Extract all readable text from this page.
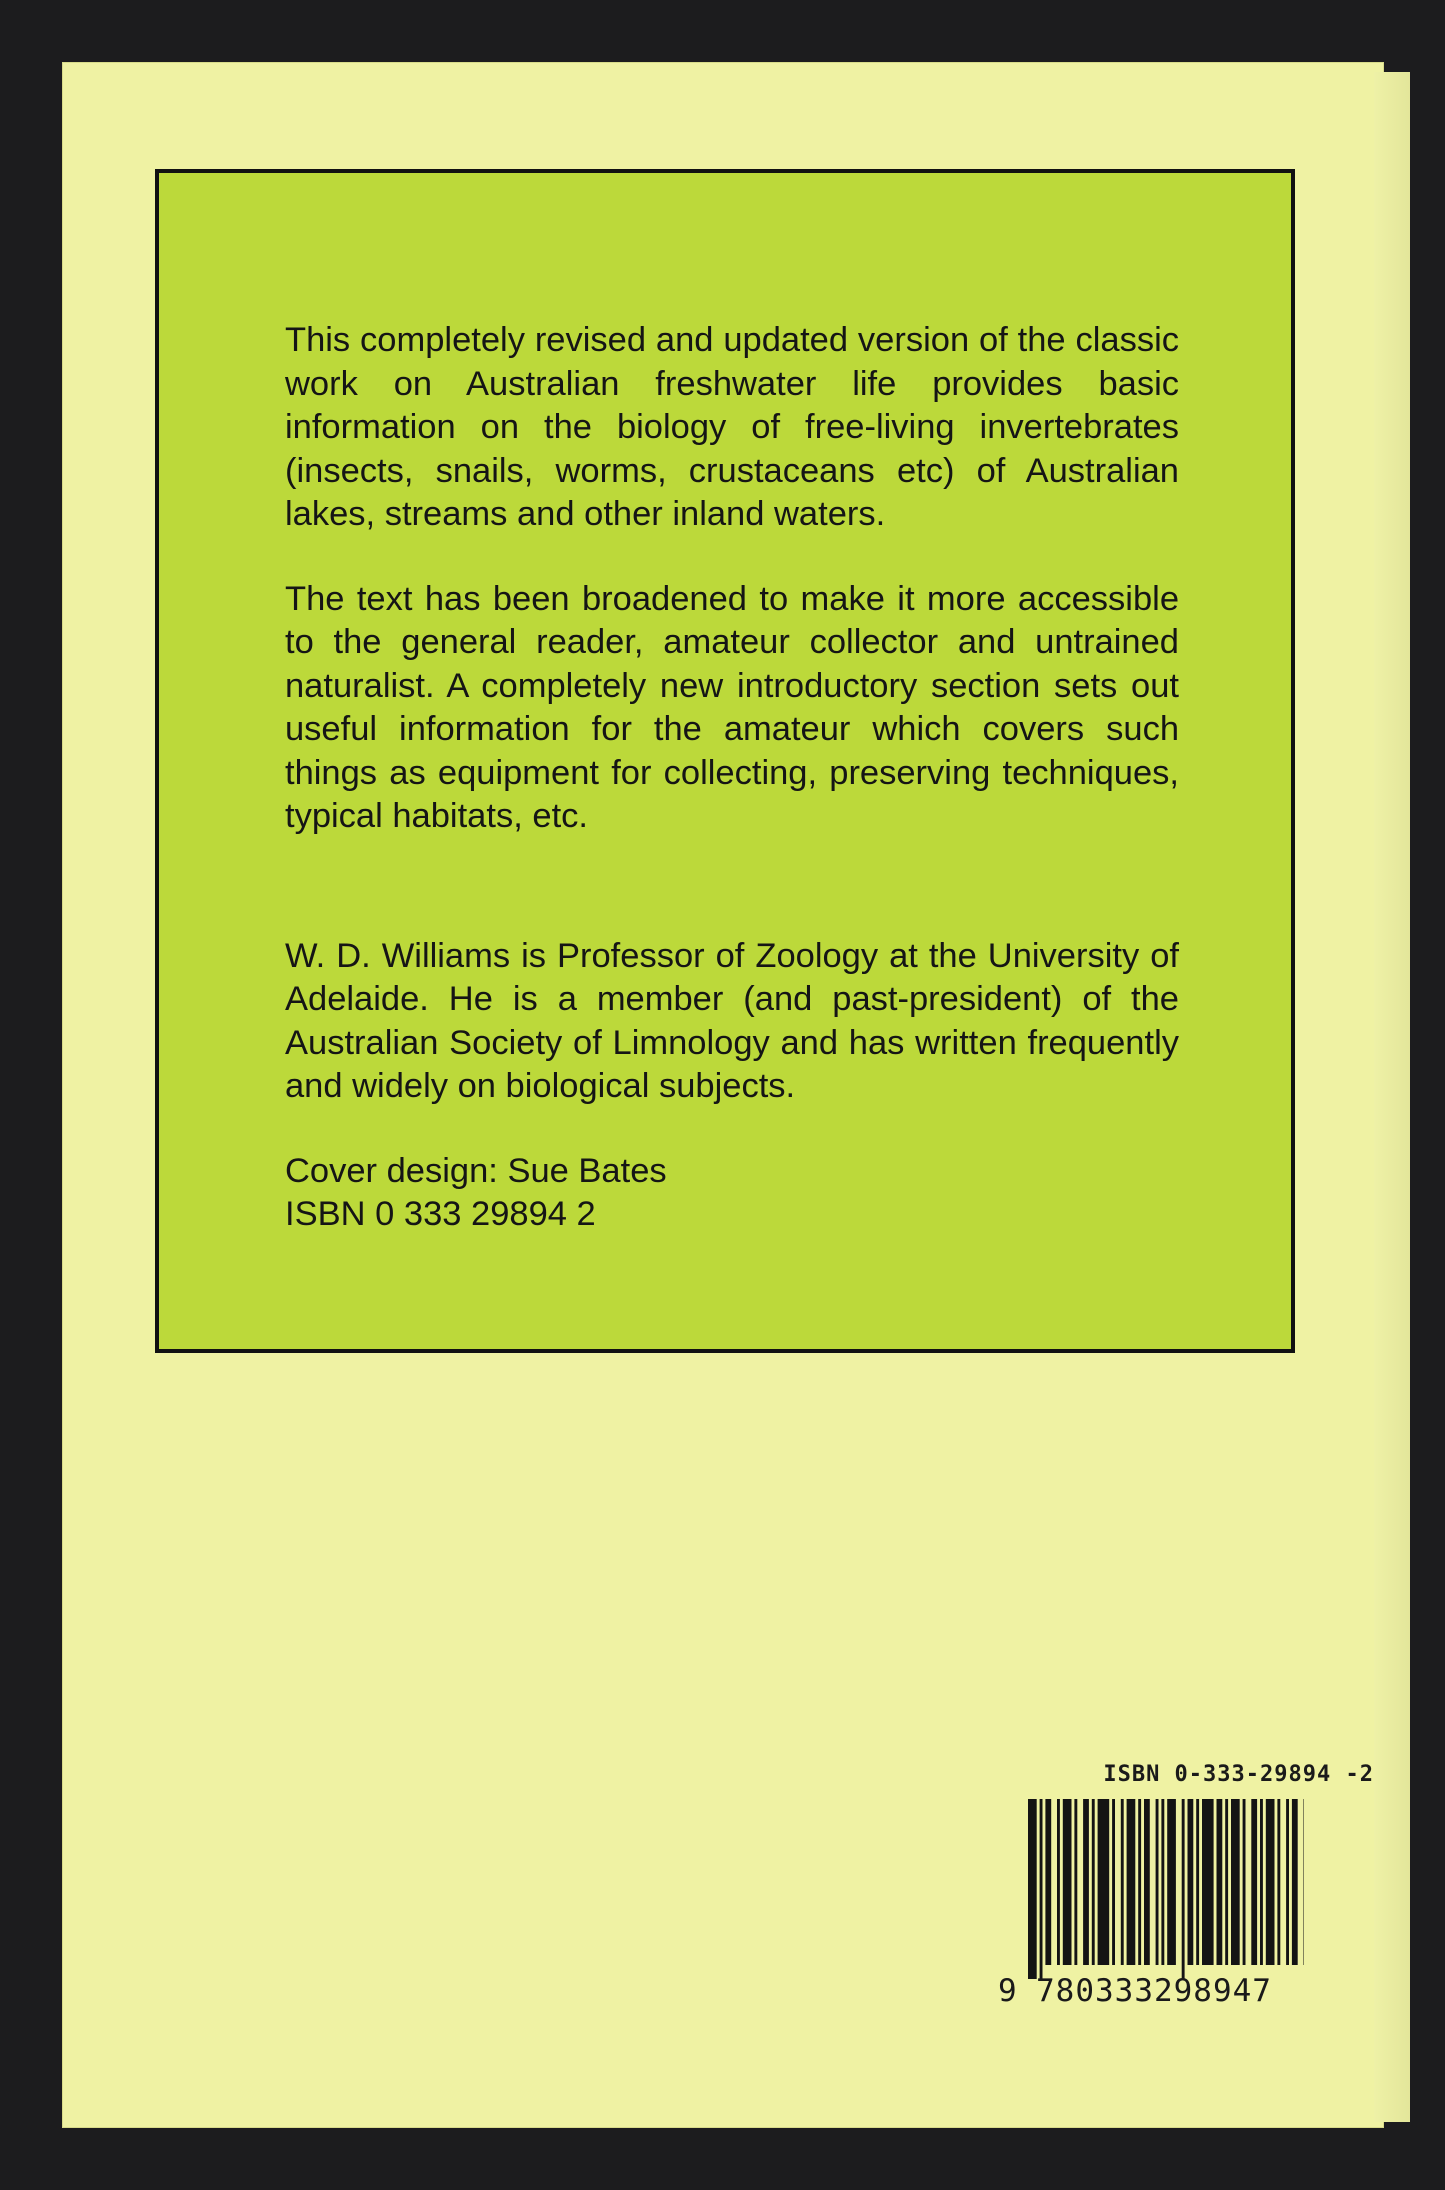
This completely revised and updated version of the classic work on Australian freshwater life provides basic information on the biology of free-living invertebrates (insects, snails, worms, crustaceans etc) of Australian lakes, streams and other inland waters.

The text has been broadened to make it more accessible to the general reader, amateur collector and untrained naturalist. A completely new introductory section sets out useful information for the amateur which covers such things as equipment for collecting, preserving techniques, typical habitats, etc.

W. D. Williams is Professor of Zoology at the University of Adelaide. He is a member (and past-president) of the Australian Society of Limnology and has written frequently and widely on biological subjects.

Cover design: Sue Bates
ISBN 0 333 29894 2
ISBN 0-333-29894 -2
9 780333298947
